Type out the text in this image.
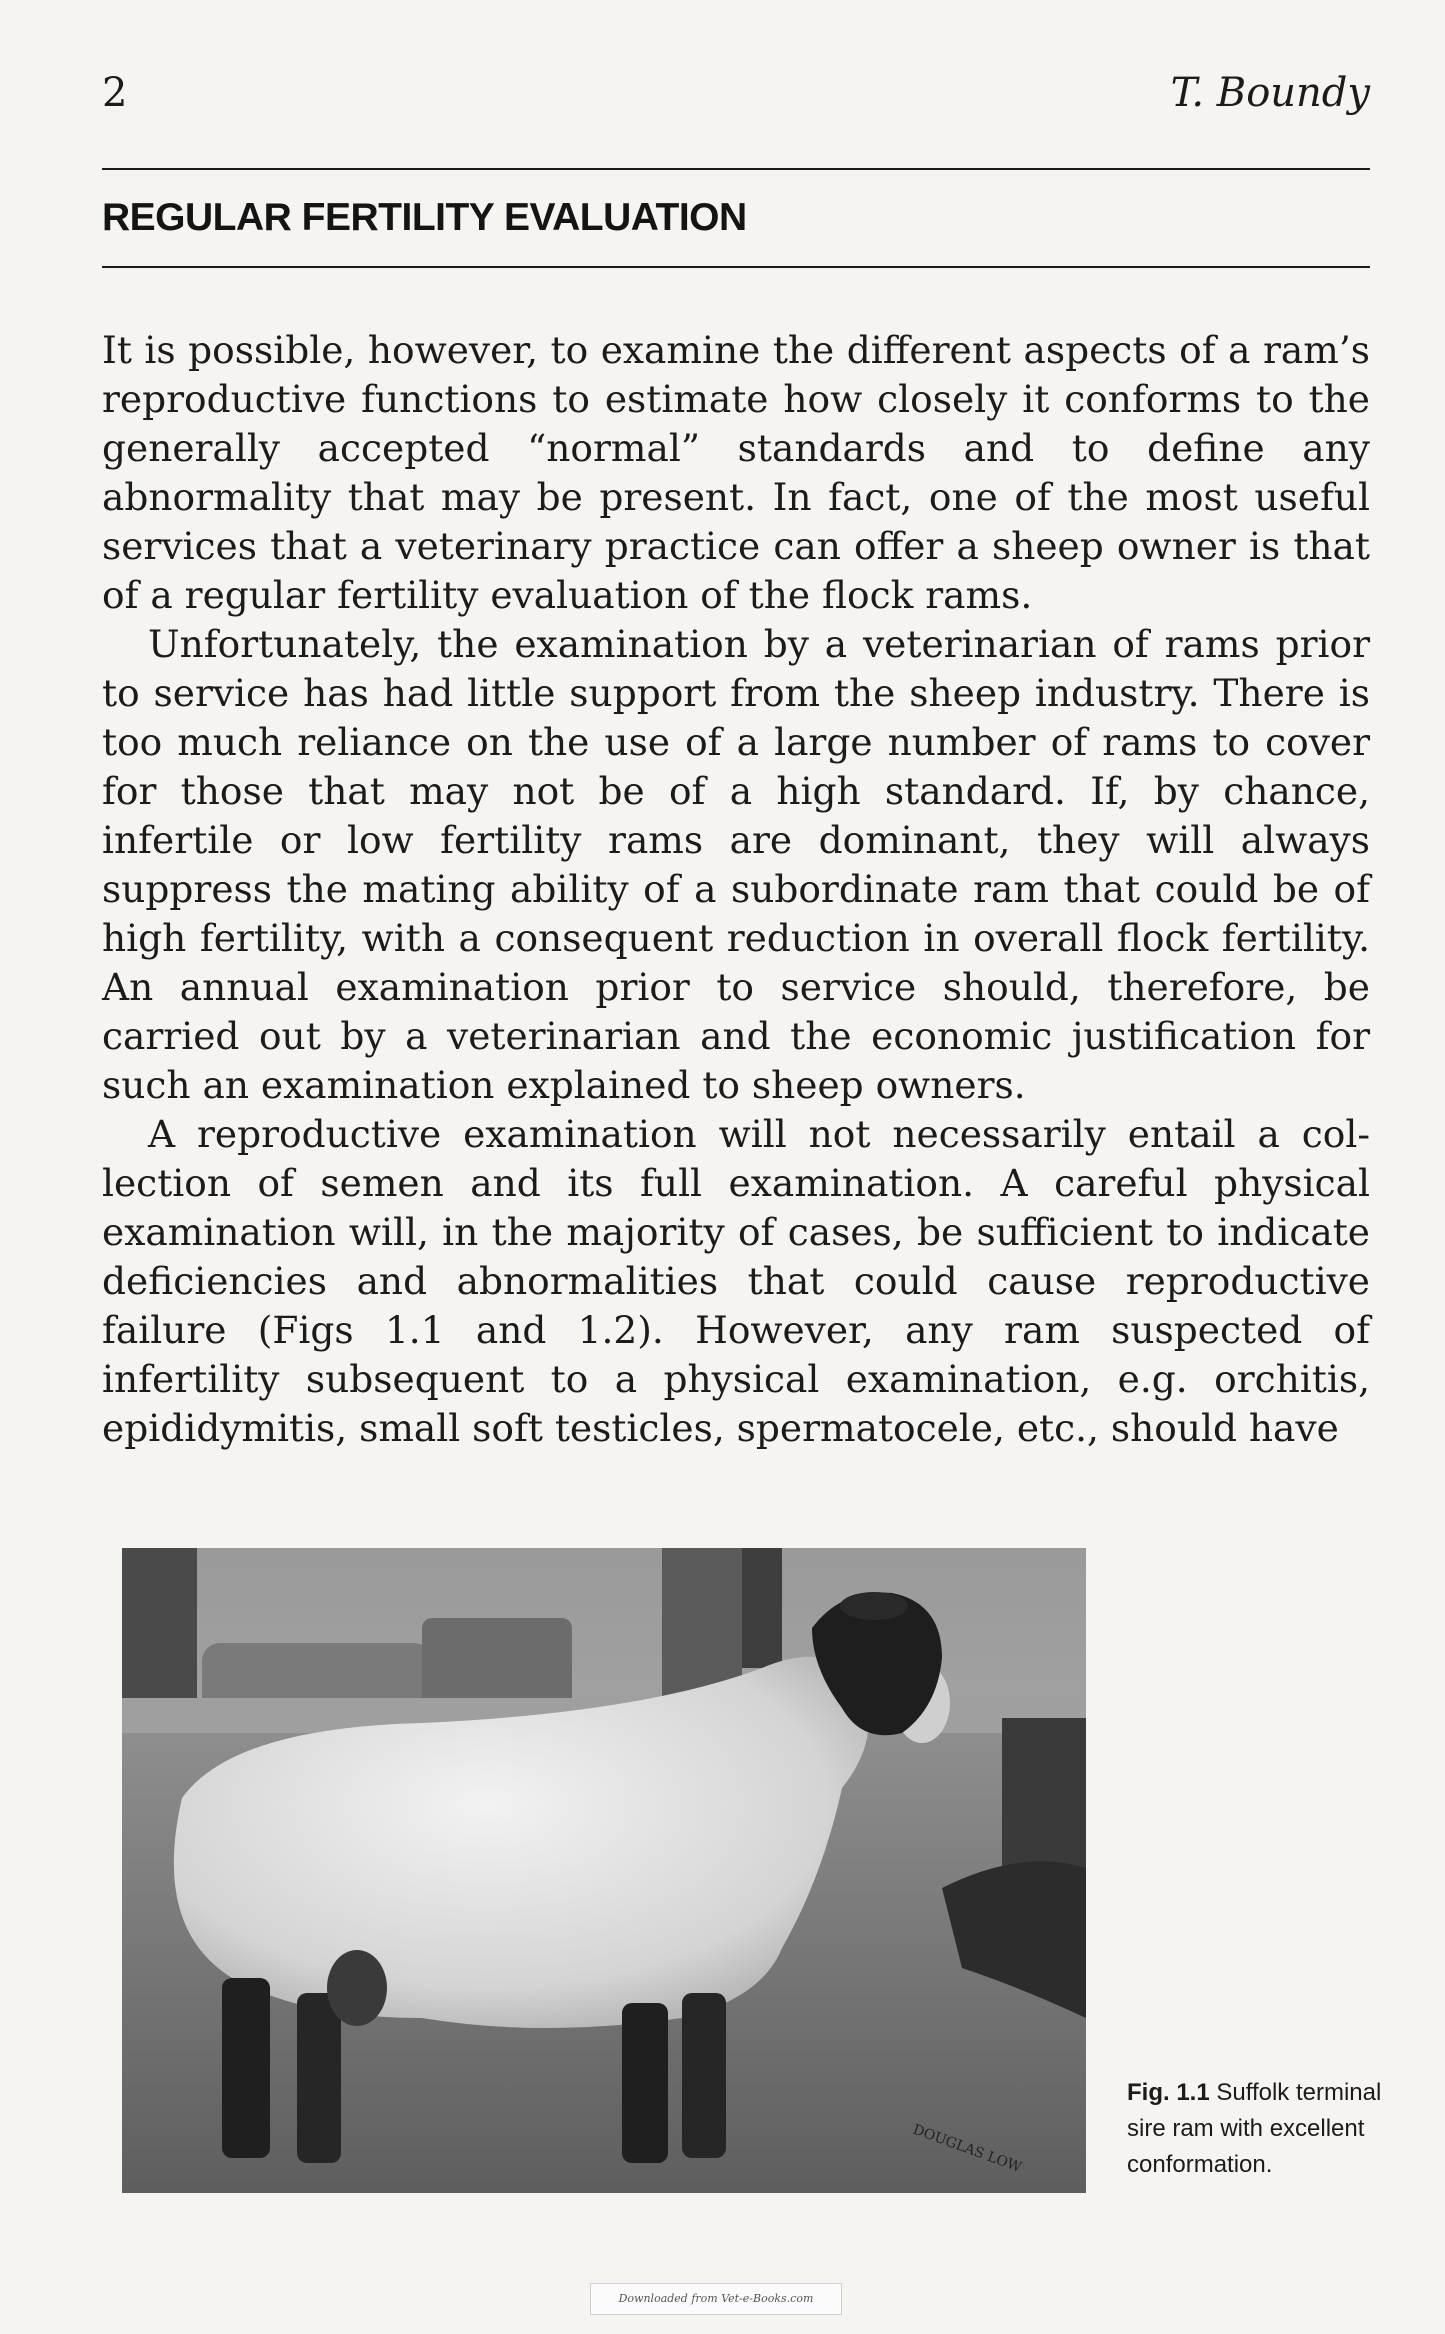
2	T. Boundy
REGULAR FERTILITY EVALUATION

It is possible, however, to examine the different aspects of a ram’s reproductive functions to estimate how closely it conforms to the generally accepted “normal” standards and to define any abnormality that may be present. In fact, one of the most useful services that a veterinary practice can offer a sheep owner is that of a regular fertility evaluation of the flock rams.

Unfortunately, the examination by a veterinarian of rams prior to service has had little support from the sheep industry. There is too much reliance on the use of a large number of rams to cover for those that may not be of a high standard. If, by chance, infertile or low fertility rams are dominant, they will always suppress the mating ability of a subordinate ram that could be of high fertility, with a consequent reduction in overall flock fertility. An annual examination prior to service should, therefore, be carried out by a veterinarian and the economic justification for such an examination explained to sheep owners.

A reproductive examination will not necessarily entail a collection of semen and its full examination. A careful physical examination will, in the majority of cases, be sufficient to indicate deficiencies and abnormalities that could cause reproductive failure (Figs 1.1 and 1.2). However, any ram suspected of infertility subsequent to a physical examination, e.g. orchitis, epididymitis, small soft testicles, spermatocele, etc., should have

DOUGLAS LOW
Fig. 1.1 Suffolk terminal sire ram with excellent conformation.
Downloaded from Vet-e-Books.com
